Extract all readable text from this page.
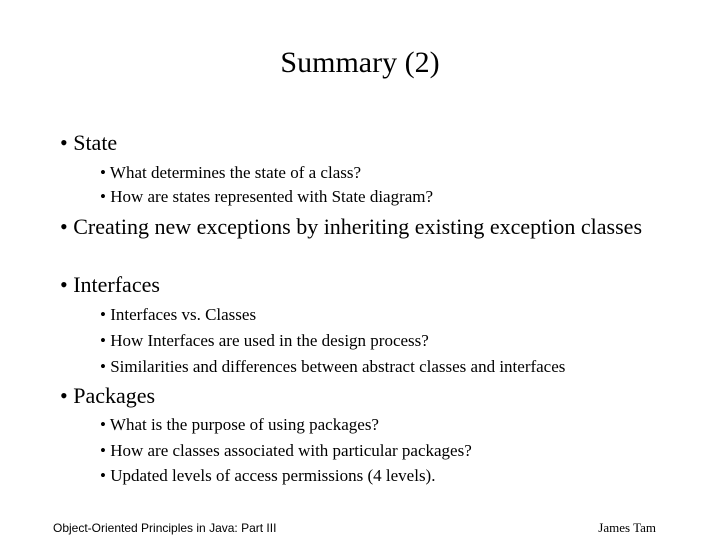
Summary (2)
• State
• What determines the state of a class?
• How are states represented with State diagram?
• Creating new exceptions by inheriting existing exception classes
• Interfaces
• Interfaces vs. Classes
• How Interfaces are used in the design process?
• Similarities and differences between abstract classes and interfaces
• Packages
• What is the purpose of using packages?
• How are classes associated with particular packages?
• Updated levels of access permissions (4 levels).
Object-Oriented Principles in Java: Part III	James Tam
